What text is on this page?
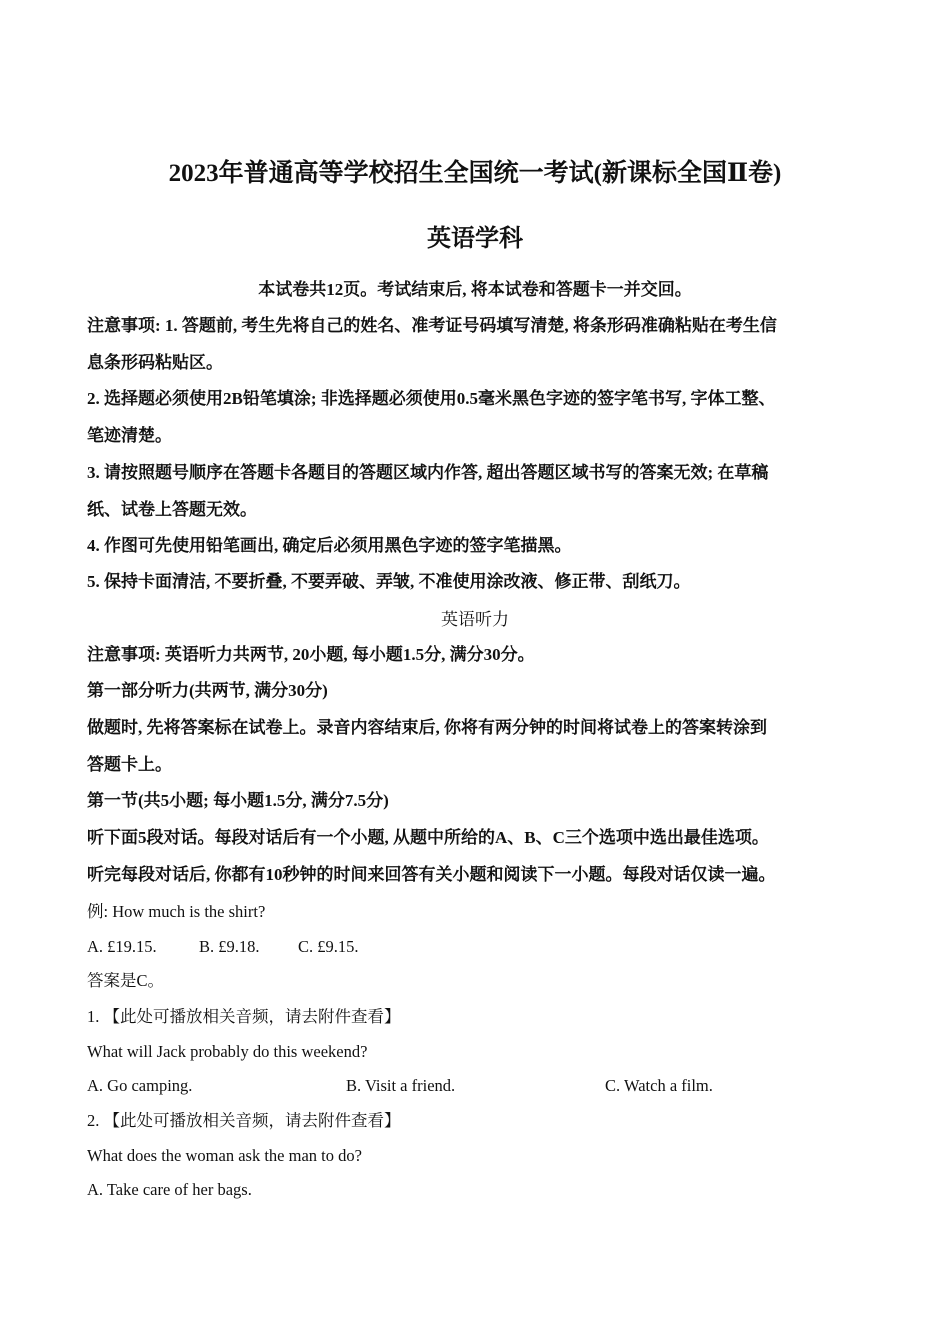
2023年普通高等学校招生全国统一考试(新课标全国Ⅱ卷)
英语学科
本试卷共12页。考试结束后, 将本试卷和答题卡一并交回。
注意事项: 1. 答题前, 考生先将自己的姓名、准考证号码填写清楚, 将条形码准确粘贴在考生信
息条形码粘贴区。
2. 选择题必须使用2B铅笔填涂; 非选择题必须使用0.5毫米黑色字迹的签字笔书写, 字体工整、
笔迹清楚。
3. 请按照题号顺序在答题卡各题目的答题区域内作答, 超出答题区域书写的答案无效; 在草稿
纸、试卷上答题无效。
4. 作图可先使用铅笔画出, 确定后必须用黑色字迹的签字笔描黑。
5. 保持卡面清洁, 不要折叠, 不要弄破、弄皱, 不准使用涂改液、修正带、刮纸刀。
英语听力
注意事项: 英语听力共两节, 20小题, 每小题1.5分, 满分30分。
第一部分听力(共两节, 满分30分)
做题时, 先将答案标在试卷上。录音内容结束后, 你将有两分钟的时间将试卷上的答案转涂到
答题卡上。
第一节(共5小题; 每小题1.5分, 满分7.5分)
听下面5段对话。每段对话后有一个小题, 从题中所给的A、B、C三个选项中选出最佳选项。
听完每段对话后, 你都有10秒钟的时间来回答有关小题和阅读下一小题。每段对话仅读一遍。
例: How much is the shirt?
A. £19.15.	B. £9.18. C. £9.15.
答案是C。
1. 【此处可播放相关音频，请去附件查看】
What will Jack probably do this weekend?
A. Go camping.	B. Visit a friend.	C. Watch a film.
2. 【此处可播放相关音频，请去附件查看】
What does the woman ask the man to do?
A. Take care of her bags.
